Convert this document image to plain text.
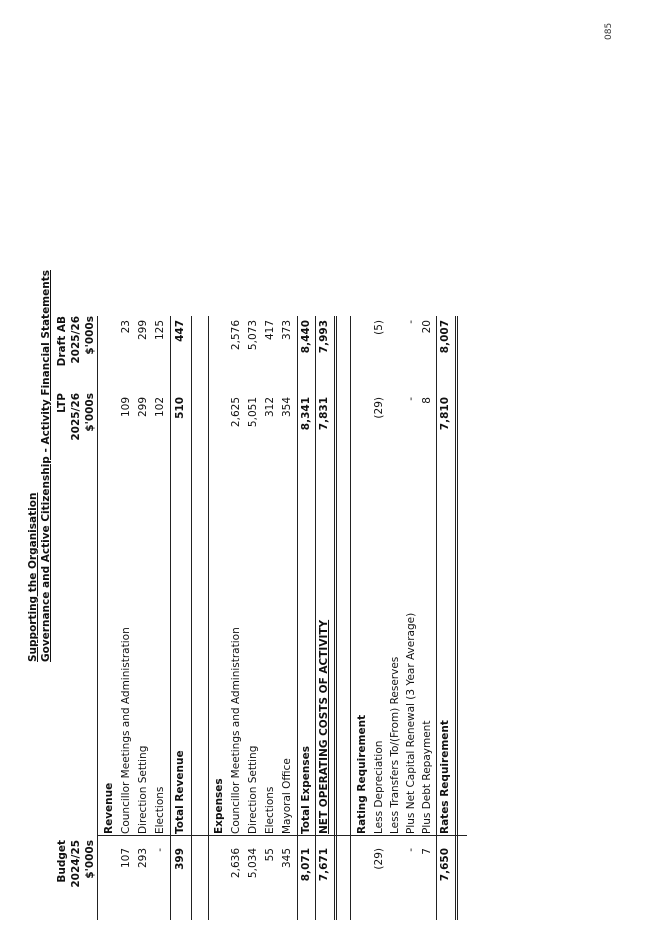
085
Supporting the Organisation Governance and Active Citizenship - Activity Financial Statements
Budget 2024/25 $'000s
LTP 2025/26 $'000s
Draft AB 2025/26 $'000s
Revenue
107
Councillor Meetings and Administration
109
23
293
Direction Setting
299
299
-
Elections
102
125
399
Total Revenue
510
447
Expenses
2,636
Councillor Meetings and Administration
2,625
2,576
5,034
Direction Setting
5,051
5,073
55
Elections
312
417
345
Mayoral Office
354
373
8,071
Total Expenses
8,341
8,440
7,671
NET OPERATING COSTS OF ACTIVITY
7,831
7,993
Rating Requirement
(29)
Less Depreciation
(29)
(5)
Less Transfers To/(From) Reserves
-
Plus Net Capital Renewal (3 Year Average)
-
-
7
Plus Debt Repayment
8
20
7,650
Rates Requirement
7,810
8,007
